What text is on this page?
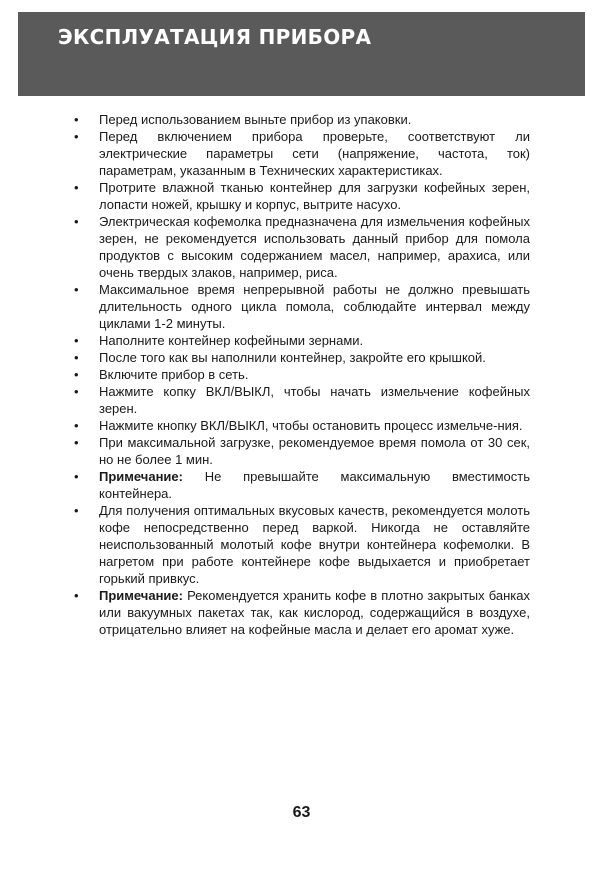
ЭКСПЛУАТАЦИЯ ПРИБОРА
•	Перед использованием выньте прибор из упаковки.
•	Перед включением прибора проверьте, соответствуют ли электрические параметры сети (напряжение, частота, ток) параметрам, указанным в Технических характеристиках.
•	Протрите влажной тканью контейнер для загрузки кофейных зерен, лопасти ножей, крышку и корпус, вытрите насухо.
•	Электрическая кофемолка предназначена для измельчения кофейных зерен, не рекомендуется использовать данный прибор для помола продуктов с высоким содержанием масел, например, арахиса, или очень твердых злаков, например, риса.
•	Максимальное время непрерывной работы не должно превышать длительность одного цикла помола, соблюдайте интервал между циклами 1-2 минуты.
•	Наполните контейнер кофейными зернами.
•	После того как вы наполнили контейнер, закройте его крышкой.
•	Включите прибор в сеть.
•	Нажмите копку ВКЛ/ВЫКЛ, чтобы начать измельчение кофейных зерен.
•	Нажмите кнопку ВКЛ/ВЫКЛ, чтобы остановить процесс измельче-ния.
•	При максимальной загрузке, рекомендуемое время помола от 30 сек, но не более 1 мин.
•	Примечание: Не превышайте максимальную вместимость контейнера.
•	Для получения оптимальных вкусовых качеств, рекомендуется молоть кофе непосредственно перед варкой. Никогда не оставляйте неиспользованный молотый кофе внутри контейнера кофемолки. В нагретом при работе контейнере кофе выдыхается и приобретает горький привкус.
•	Примечание: Рекомендуется хранить кофе в плотно закрытых банках или вакуумных пакетах так, как кислород, содержащийся в воздухе, отрицательно влияет на кофейные масла и делает его аромат хуже.

63
